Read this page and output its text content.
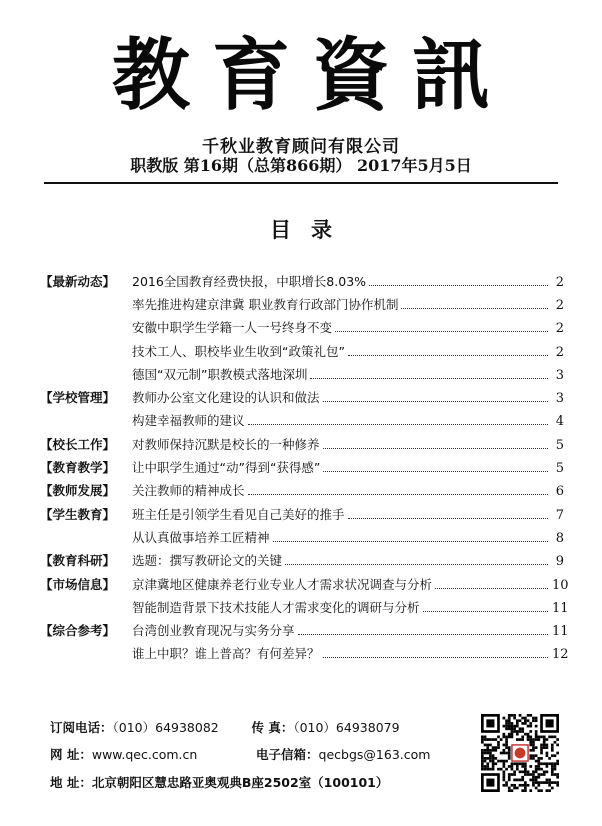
教育資訊
千秋业教育顾问有限公司
职教版 第16期（总第866期） 2017年5月5日
目录
【最新动态】	2016全国教育经费快报，中职增长8.03%	2
率先推进构建京津冀 职业教育行政部门协作机制	2
安徽中职学生学籍一人一号终身不变	2
技术工人、职校毕业生收到“政策礼包”	2
德国“双元制”职教模式落地深圳	3
【学校管理】	教师办公室文化建设的认识和做法	3
构建幸福教师的建议	4
【校长工作】	对教师保持沉默是校长的一种修养	5
【教育教学】	让中职学生通过“动”得到“获得感”	5
【教师发展】	关注教师的精神成长	6
【学生教育】	班主任是引领学生看见自己美好的推手	7
从认真做事培养工匠精神	8
【教育科研】	选题：撰写教研论文的关键	9
【市场信息】	京津冀地区健康养老行业专业人才需求状况调查与分析	10
智能制造背景下技术技能人才需求变化的调研与分析	11
【综合参考】	台湾创业教育现况与实务分享	11
谁上中职？谁上普高？有何差异？	12
订阅电话：（010）64938082	传 真：（010）64938079
网 址：www.qec.com.cn	电子信箱：qecbgs@163.com
地 址：北京朝阳区慧忠路亚奥观典B座2502室（100101）
